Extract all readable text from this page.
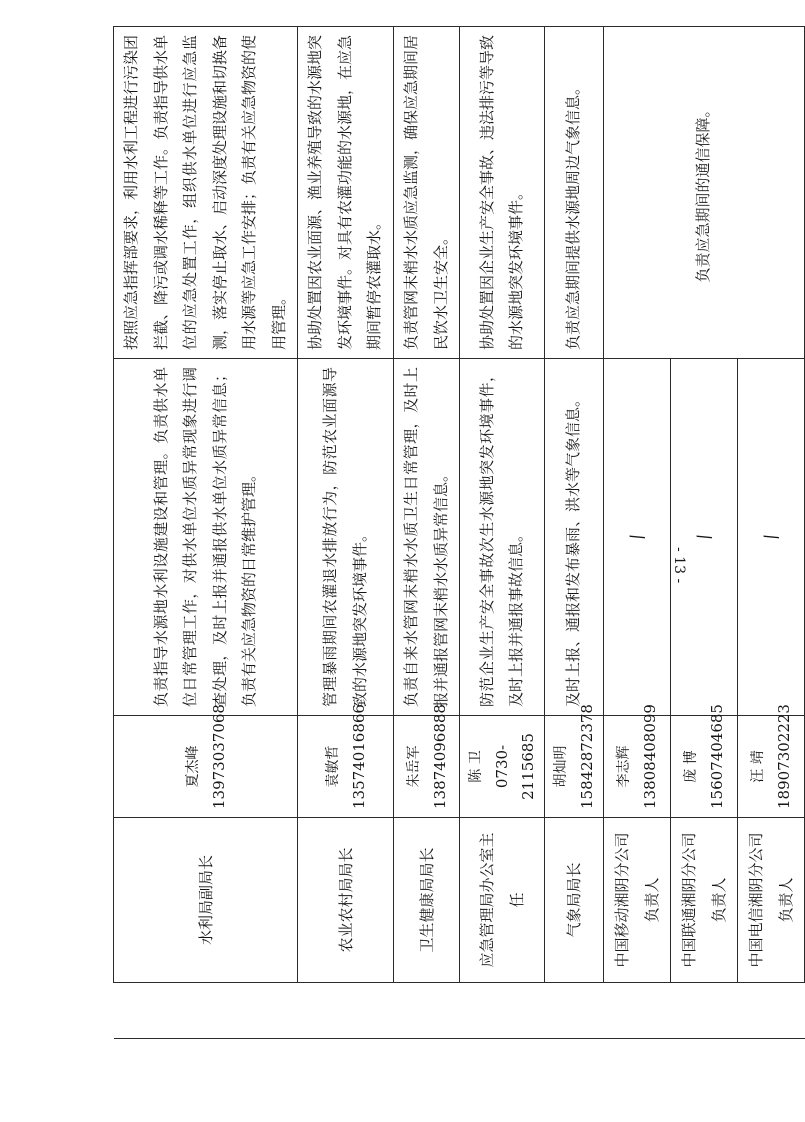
	水利局副局长	夏杰峰 13973037068	负责指导水源地水利设施建设和管理。负责供水单位日常管理工作，对供水单位水质异常现象进行调查处理，及时上报并通报供水单位水质异常信息；负责有关应急物资的日常维护管理。	按照应急指挥部要求，利用水利工程进行污染团拦截、降污或调水稀释等工作。负责指导供水单位的应急处置工作，组织供水单位进行应急监测，落实停止取水、启动深度处理设施和切换备用水源等应急工作安排；负责有关应急物资的使用管理。
	农业农村局局长	袁敏哲 13574016866	管理暴雨期间农灌退水排放行为，防范农业面源导致的水源地突发环境事件。	协助处置因农业面源、渔业养殖导致的水源地突发环境事件。对具有农灌功能的水源地，在应急期间暂停农灌取水。
	卫生健康局局长	朱岳军 13874096888	负责自来水管网末梢水水质卫生日常管理，及时上报并通报管网末梢水水质异常信息。	负责管网末梢水水质应急监测，确保应急期间居民饮水卫生安全。
	应急管理局办公室主任	陈 卫 0730-2115685	防范企业生产安全事故次生水源地突发环境事件，及时上报并通报事故信息。	协助处置因企业生产安全事故、违法排污等导致的水源地突发环境事件。
	气象局局长	胡灿明 15842872378	及时上报、通报和发布暴雨、洪水等气象信息。	负责应急期间提供水源地周边气象信息。
	中国移动湘阴分公司负责人	李志辉 13808408099	/	负责应急期间的通信保障。
	中国联通湘阴分公司负责人	庞 博 15607404685	/	
	中国电信湘阴分公司负责人	汪 靖 18907302223	/	
- 13 -
